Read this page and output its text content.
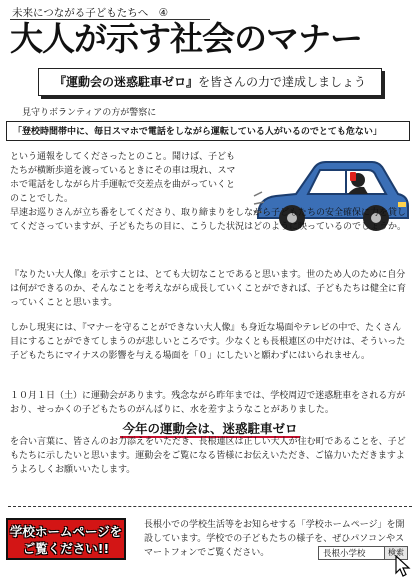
未来につながる子どもたちへ　④
大人が示す社会のマナー
『運動会の迷惑駐車ゼロ』を皆さんの力で達成しましょう
見守りボランティアの方が警察に
「登校時間帯中に、毎日スマホで電話をしながら運転している人がいるのでとても危ない」

という通報をしてくださったとのこと。聞けば、子どもたちが横断歩道を渡っているときにその車は現れ、スマホで電話をしながら片手運転で交差点を曲がっていくとのことでした。

早速お巡りさんが立ち番をしてくださり、取り締まりをしながら子どもたちの安全確保に力を貸してくださっていますが、子どもたちの目に、こうした状況はどのように映っているのでしょうか。

『なりたい大人像』を示すことは、とても大切なことであると思います。世のため人のために自分は何ができるのか、そんなことを考えながら成長していくことができれば、子どもたちは健全に育っていくことと思います。

しかし現実には、『マナーを守ることができない大人像』も身近な場面やテレビの中で、たくさん目にすることができてしまうのが悲しいところです。少なくとも長根連区の中だけは、そういった子どもたちにマイナスの影響を与える場面を「０」にしたいと願わずにはいられません。

１０月１日（土）に運動会があります。残念ながら昨年までは、学校周辺で迷惑駐車をされる方がおり、せっかくの子どもたちのがんばりに、水を差すようなことがありました。

今年の運動会は、迷惑駐車ゼロ

を合い言葉に、皆さんのお力添えをいただき、長根連区は正しい大人が住む町であることを、子どもたちに示したいと思います。運動会をご覧になる皆様にお伝えいただき、ご協力いただきますようよろしくお願いいたします。

学校ホームページを
ご覧ください!!

長根小での学校生活等をお知らせする「学校ホームページ」を開設しています。学校での子どもたちの様子を、ぜひパソコンやスマートフォンでご覧ください。	長根小学校	検索
